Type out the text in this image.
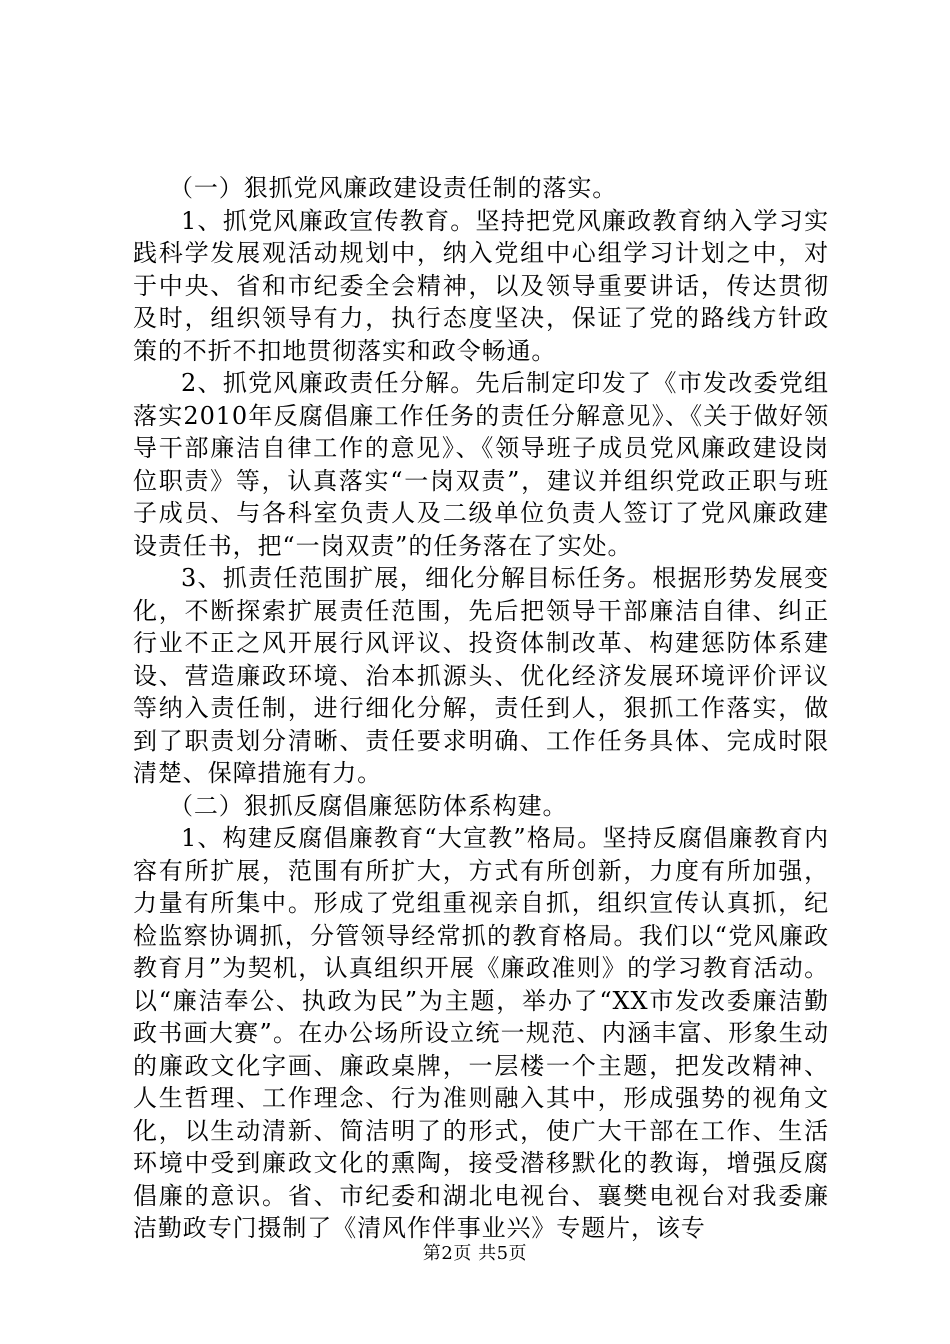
（一）狠抓党风廉政建设责任制的落实。

1、抓党风廉政宣传教育。坚持把党风廉政教育纳入学习实践科学发展观活动规划中，纳入党组中心组学习计划之中，对于中央、省和市纪委全会精神，以及领导重要讲话，传达贯彻及时，组织领导有力，执行态度坚决，保证了党的路线方针政策的不折不扣地贯彻落实和政令畅通。

2、抓党风廉政责任分解。先后制定印发了《市发改委党组落实2010年反腐倡廉工作任务的责任分解意见》、《关于做好领导干部廉洁自律工作的意见》、《领导班子成员党风廉政建设岗位职责》等，认真落实“一岗双责”，建议并组织党政正职与班子成员、与各科室负责人及二级单位负责人签订了党风廉政建设责任书，把“一岗双责”的任务落在了实处。

3、抓责任范围扩展，细化分解目标任务。根据形势发展变化，不断探索扩展责任范围，先后把领导干部廉洁自律、纠正行业不正之风开展行风评议、投资体制改革、构建惩防体系建设、营造廉政环境、治本抓源头、优化经济发展环境评价评议等纳入责任制，进行细化分解，责任到人，狠抓工作落实，做到了职责划分清晰、责任要求明确、工作任务具体、完成时限清楚、保障措施有力。

（二）狠抓反腐倡廉惩防体系构建。

1、构建反腐倡廉教育“大宣教”格局。坚持反腐倡廉教育内容有所扩展，范围有所扩大，方式有所创新，力度有所加强，力量有所集中。形成了党组重视亲自抓，组织宣传认真抓，纪检监察协调抓，分管领导经常抓的教育格局。我们以“党风廉政教育月”为契机，认真组织开展《廉政准则》的学习教育活动。以“廉洁奉公、执政为民”为主题，举办了“XX市发改委廉洁勤政书画大赛”。在办公场所设立统一规范、内涵丰富、形象生动的廉政文化字画、廉政桌牌，一层楼一个主题，把发改精神、人生哲理、工作理念、行为准则融入其中，形成强势的视角文化，以生动清新、简洁明了的形式，使广大干部在工作、生活环境中受到廉政文化的熏陶，接受潜移默化的教诲，增强反腐倡廉的意识。省、市纪委和湖北电视台、襄樊电视台对我委廉洁勤政专门摄制了《清风作伴事业兴》专题片，该专

第2页 共5页
